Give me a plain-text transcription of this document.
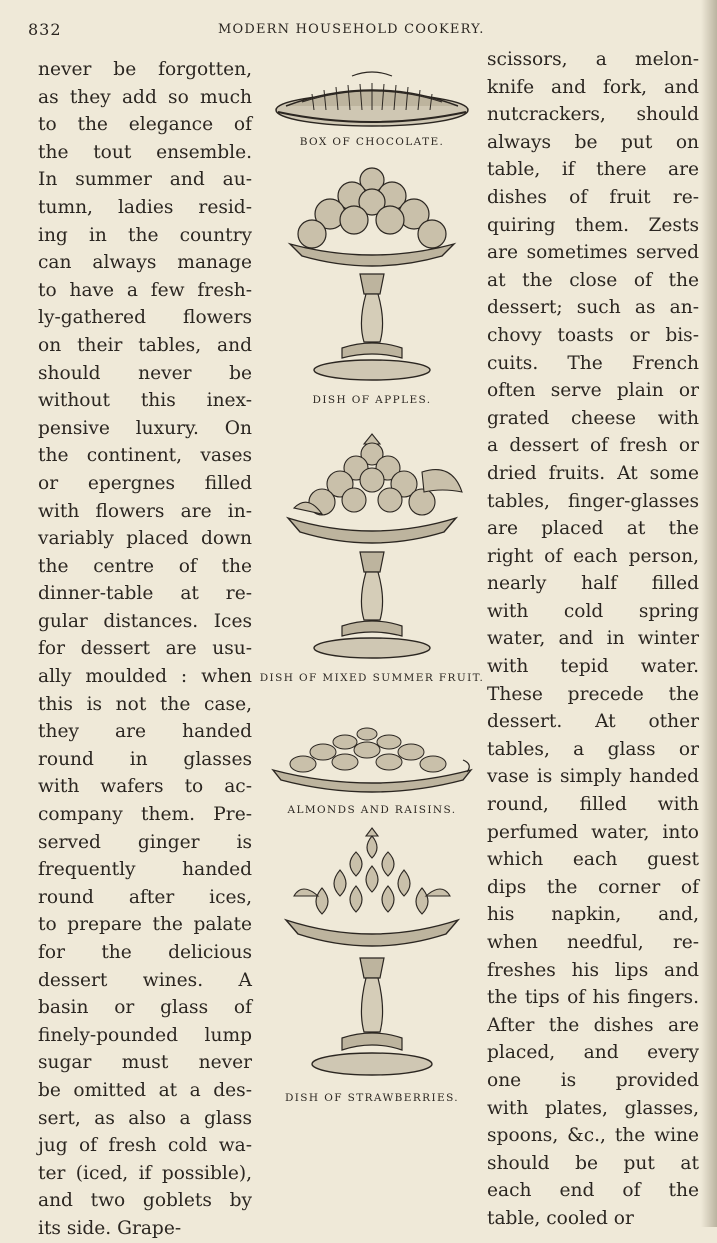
832	MODERN HOUSEHOLD COOKERY.

never be forgotten,

as they add so much

to the elegance of

the tout ensemble.

In summer and au-

tumn, ladies resid-

ing in the country

can always manage

to have a few fresh-

ly-gathered flowers

on their tables, and

should never be

without this inex-

pensive luxury. On

the continent, vases

or epergnes filled

with flowers are in-

variably placed down

the centre of the

dinner-table at re-

gular distances. Ices

for dessert are usu-

ally moulded : when

this is not the case,

they are handed

round in glasses

with wafers to ac-

company them. Pre-

served ginger is

frequently handed

round after ices,

to prepare the palate

for the delicious

dessert wines. A

basin or glass of

finely-pounded lump

sugar must never

be omitted at a des-

sert, as also a glass

jug of fresh cold wa-

ter (iced, if possible),

and two goblets by

its side. Grape-

scissors, a melon-

knife and fork, and

nutcrackers, should

always be put on

table, if there are

dishes of fruit re-

quiring them. Zests

are sometimes served

at the close of the

dessert; such as an-

chovy toasts or bis-

cuits. The French

often serve plain or

grated cheese with

a dessert of fresh or

dried fruits. At some

tables, finger-glasses

are placed at the

right of each person,

nearly half filled

with cold spring

water, and in winter

with tepid water.

These precede the

dessert. At other

tables, a glass or

vase is simply handed

round, filled with

perfumed water, into

which each guest

dips the corner of

his napkin, and,

when needful, re-

freshes his lips and

the tips of his fingers.

After the dishes are

placed, and every

one is provided

with plates, glasses,

spoons, &c., the wine

should be put at

each end of the

table, cooled or

BOX OF CHOCOLATE.
DISH OF APPLES.
DISH OF MIXED SUMMER FRUIT.
ALMONDS AND RAISINS.
DISH OF STRAWBERRIES.
